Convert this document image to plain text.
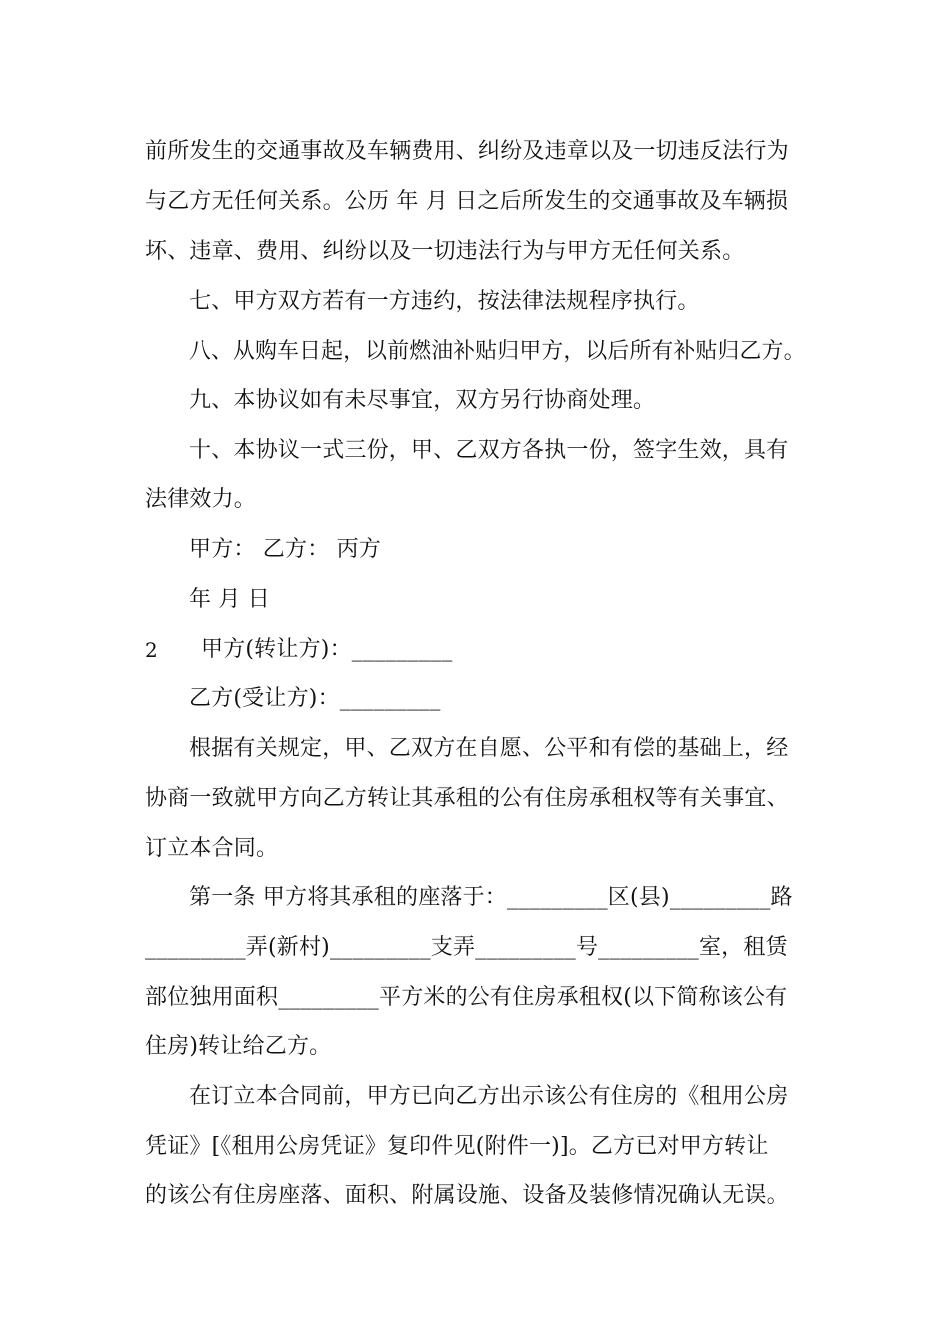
前所发生的交通事故及车辆费用、纠纷及违章以及一切违反法行为
与乙方无任何关系。公历 年 月 日之后所发生的交通事故及车辆损
坏、违章、费用、纠纷以及一切违法行为与甲方无任何关系。
七、甲方双方若有一方违约，按法律法规程序执行。
八、从购车日起，以前燃油补贴归甲方，以后所有补贴归乙方。
九、本协议如有未尽事宜，双方另行协商处理。
十、本协议一式三份，甲、乙双方各执一份，签字生效，具有
法律效力。
甲方： 乙方： 丙方
年 月 日
2 甲方(转让方)：_________
乙方(受让方)：_________
根据有关规定，甲、乙双方在自愿、公平和有偿的基础上，经
协商一致就甲方向乙方转让其承租的公有住房承租权等有关事宜、
订立本合同。
第一条 甲方将其承租的座落于：_________区(县)_________路
_________弄(新村)_________支弄_________号_________室，租赁
部位独用面积_________平方米的公有住房承租权(以下简称该公有
住房)转让给乙方。
在订立本合同前，甲方已向乙方出示该公有住房的《租用公房
凭证》[《租用公房凭证》复印件见(附件一)]。乙方已对甲方转让
的该公有住房座落、面积、附属设施、设备及装修情况确认无误。
